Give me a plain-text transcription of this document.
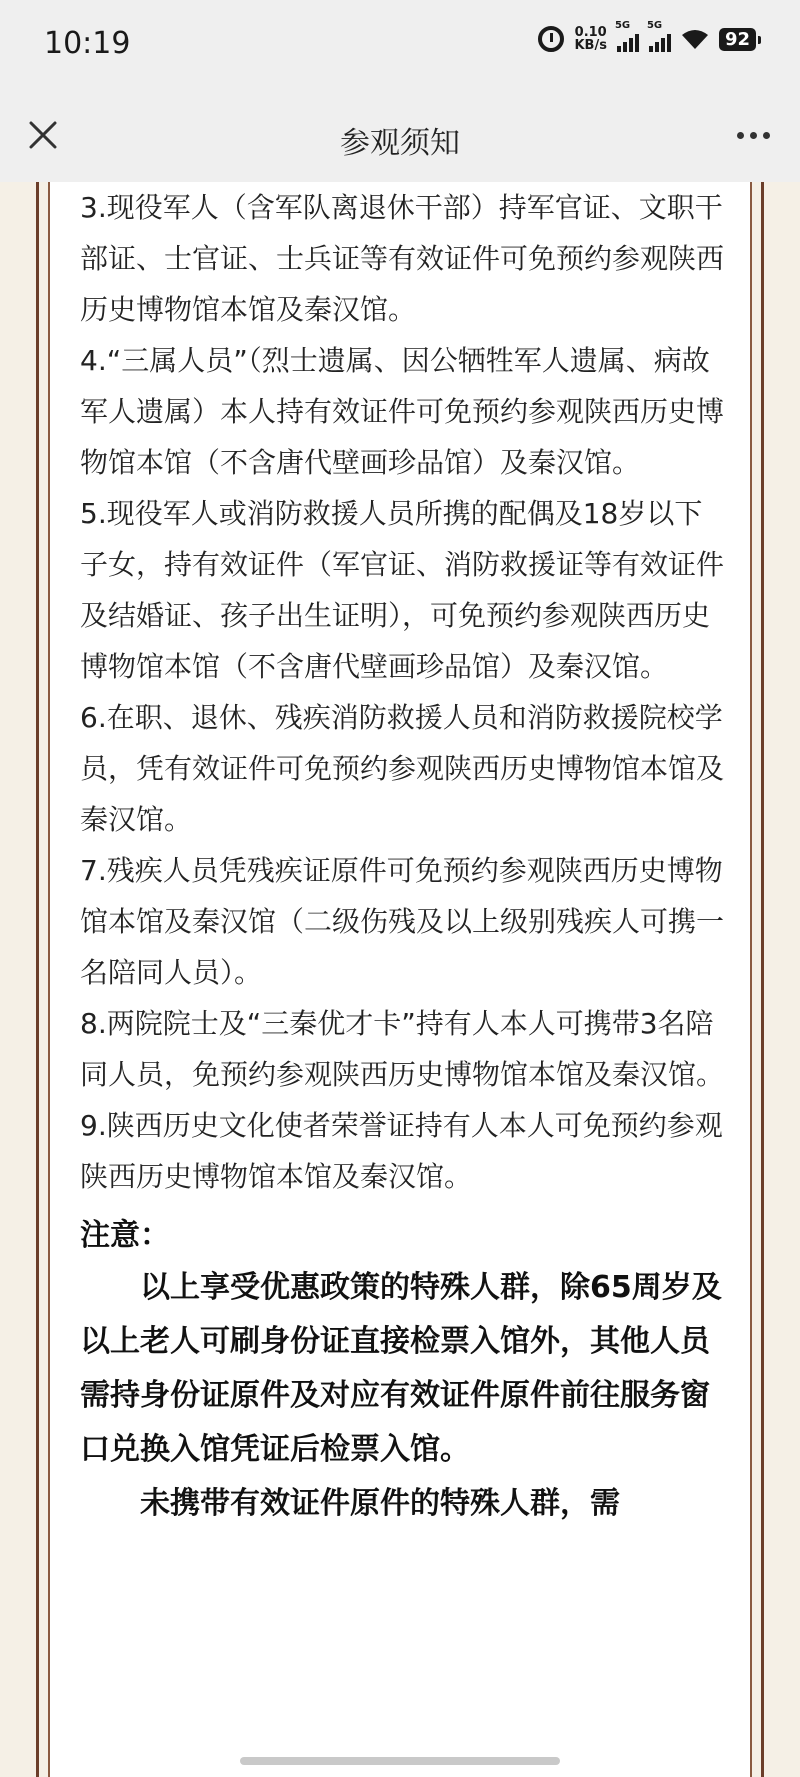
10:19	0.10
KB/s
5G 5G
92
参观须知
3.现役军人（含军队离退休干部）持军官证、文职干部证、士官证、士兵证等有效证件可免预约参观陕西历史博物馆本馆及秦汉馆。
4.“三属人员”（烈士遗属、因公牺牲军人遗属、病故军人遗属）本人持有效证件可免预约参观陕西历史博物馆本馆（不含唐代壁画珍品馆）及秦汉馆。
5.现役军人或消防救援人员所携的配偶及18岁以下子女，持有效证件（军官证、消防救援证等有效证件及结婚证、孩子出生证明），可免预约参观陕西历史博物馆本馆（不含唐代壁画珍品馆）及秦汉馆。
6.在职、退休、残疾消防救援人员和消防救援院校学员，凭有效证件可免预约参观陕西历史博物馆本馆及秦汉馆。
7.残疾人员凭残疾证原件可免预约参观陕西历史博物馆本馆及秦汉馆（二级伤残及以上级别残疾人可携一名陪同人员）。
8.两院院士及“三秦优才卡”持有人本人可携带3名陪同人员，免预约参观陕西历史博物馆本馆及秦汉馆。
9.陕西历史文化使者荣誉证持有人本人可免预约参观陕西历史博物馆本馆及秦汉馆。
注意：
以上享受优惠政策的特殊人群，除65周岁及以上老人可刷身份证直接检票入馆外，其他人员需持身份证原件及对应有效证件原件前往服务窗口兑换入馆凭证后检票入馆。
未携带有效证件原件的特殊人群，需
